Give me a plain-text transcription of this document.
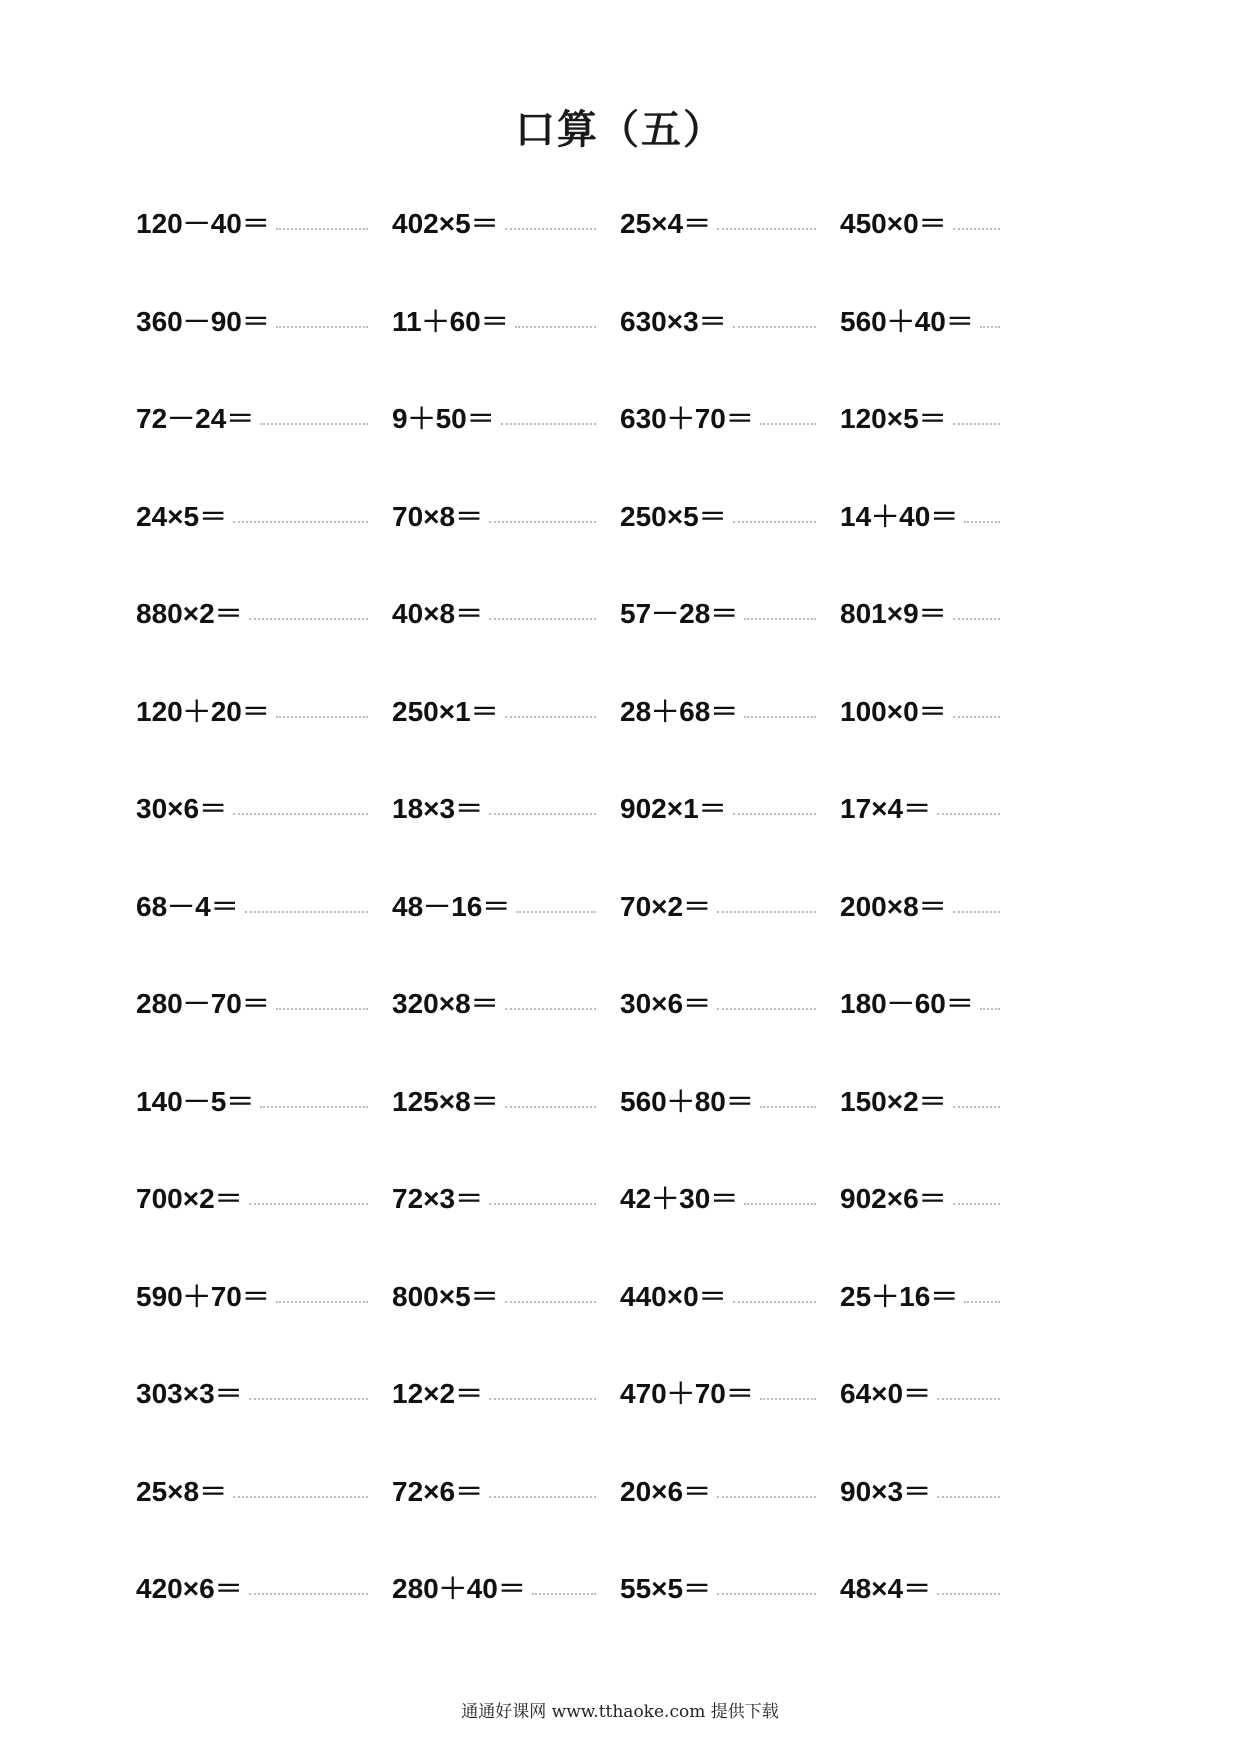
口算（五）
120－40＝	402×5＝	25×4＝	450×0＝
360－90＝	11＋60＝	630×3＝	560＋40＝
72－24＝	9＋50＝	630＋70＝	120×5＝
24×5＝	70×8＝	250×5＝	14＋40＝
880×2＝	40×8＝	57－28＝	801×9＝
120＋20＝	250×1＝	28＋68＝	100×0＝
30×6＝	18×3＝	902×1＝	17×4＝
68－4＝	48－16＝	70×2＝	200×8＝
280－70＝	320×8＝	30×6＝	180－60＝
140－5＝	125×8＝	560＋80＝	150×2＝
700×2＝	72×3＝	42＋30＝	902×6＝
590＋70＝	800×5＝	440×0＝	25＋16＝
303×3＝	12×2＝	470＋70＝	64×0＝
25×8＝	72×6＝	20×6＝	90×3＝
420×6＝	280＋40＝	55×5＝	48×4＝
通通好课网 www.tthaoke.com 提供下载
